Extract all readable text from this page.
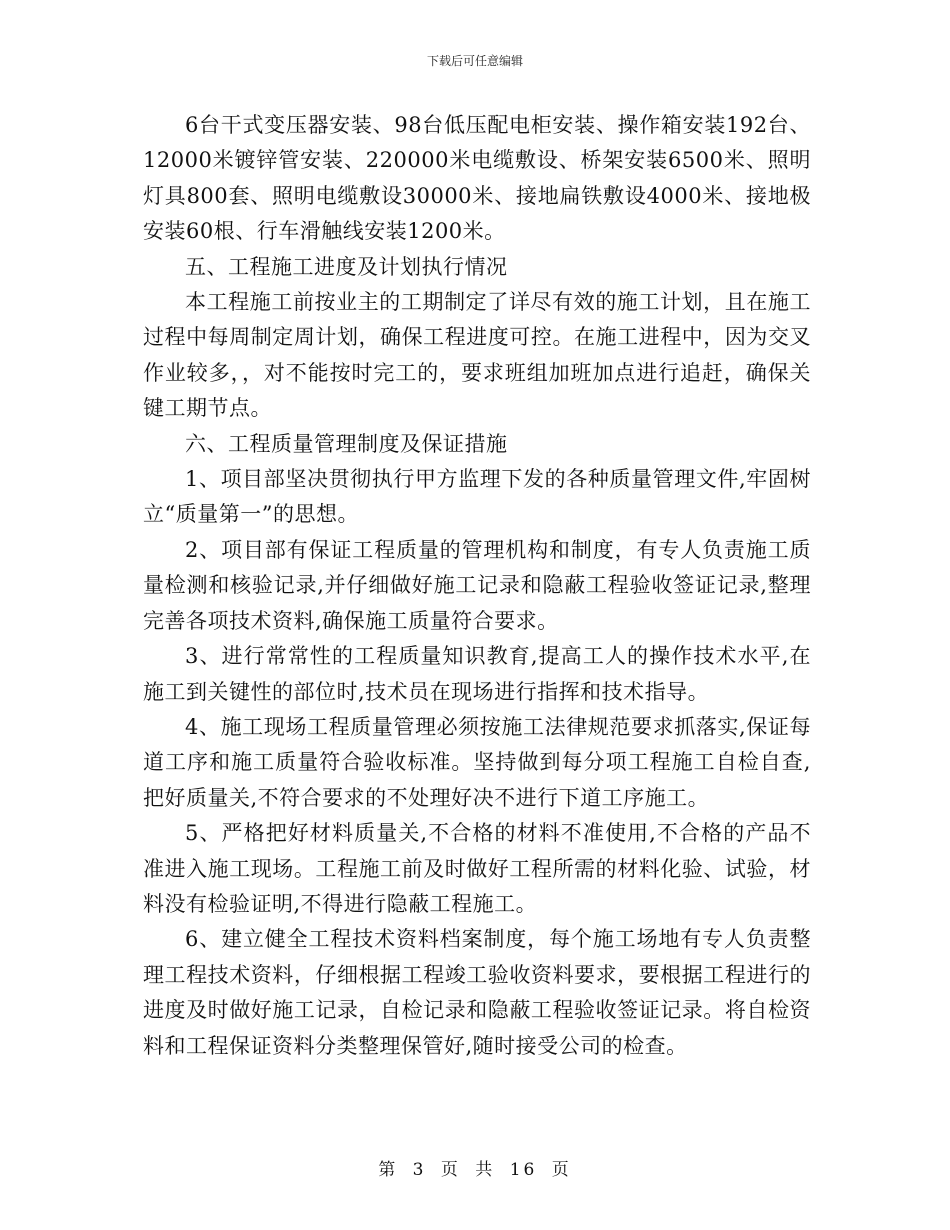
下载后可任意编辑

6台干式变压器安装、98台低压配电柜安装、操作箱安装192台、12000米镀锌管安装、220000米电缆敷设、桥架安装6500米、照明灯具800套、照明电缆敷设30000米、接地扁铁敷设4000米、接地极安装60根、行车滑触线安装1200米。

五、工程施工进度及计划执行情况

本工程施工前按业主的工期制定了详尽有效的施工计划，且在施工过程中每周制定周计划，确保工程进度可控。在施工进程中，因为交叉作业较多，，对不能按时完工的，要求班组加班加点进行追赶，确保关键工期节点。

六、工程质量管理制度及保证措施

1、项目部坚决贯彻执行甲方监理下发的各种质量管理文件,牢固树立“质量第一”的思想。

2、项目部有保证工程质量的管理机构和制度，有专人负责施工质量检测和核验记录,并仔细做好施工记录和隐蔽工程验收签证记录,整理完善各项技术资料,确保施工质量符合要求。

3、进行常常性的工程质量知识教育,提高工人的操作技术水平,在施工到关键性的部位时,技术员在现场进行指挥和技术指导。

4、施工现场工程质量管理必须按施工法律规范要求抓落实,保证每道工序和施工质量符合验收标准。坚持做到每分项工程施工自检自查,把好质量关,不符合要求的不处理好决不进行下道工序施工。

5、严格把好材料质量关,不合格的材料不准使用,不合格的产品不准进入施工现场。工程施工前及时做好工程所需的材料化验、试验，材料没有检验证明,不得进行隐蔽工程施工。

6、建立健全工程技术资料档案制度，每个施工场地有专人负责整理工程技术资料，仔细根据工程竣工验收资料要求，要根据工程进行的进度及时做好施工记录，自检记录和隐蔽工程验收签证记录。将自检资料和工程保证资料分类整理保管好,随时接受公司的检查。

第 3 页 共 16 页
